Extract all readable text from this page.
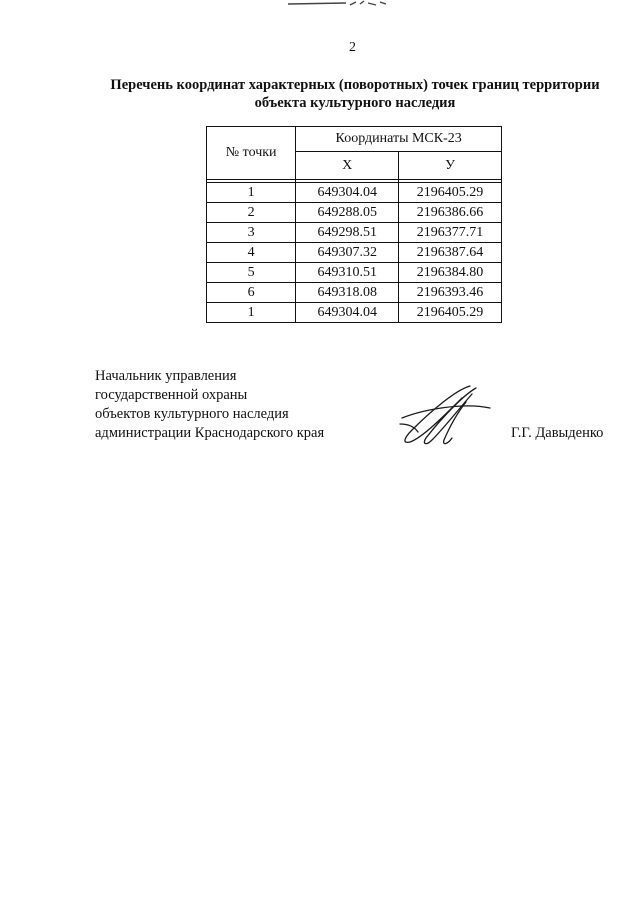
2
Перечень координат характерных (поворотных) точек границ территории
объекта культурного наследия
№ точки	Координаты МСК-23	
	X	У

1	649304.04	2196405.29
2	649288.05	2196386.66
3	649298.51	2196377.71
4	649307.32	2196387.64
5	649310.51	2196384.80
6	649318.08	2196393.46
1	649304.04	2196405.29
Начальник управления
государственной охраны
объектов культурного наследия
администрации Краснодарского края	Г.Г. Давыденко
